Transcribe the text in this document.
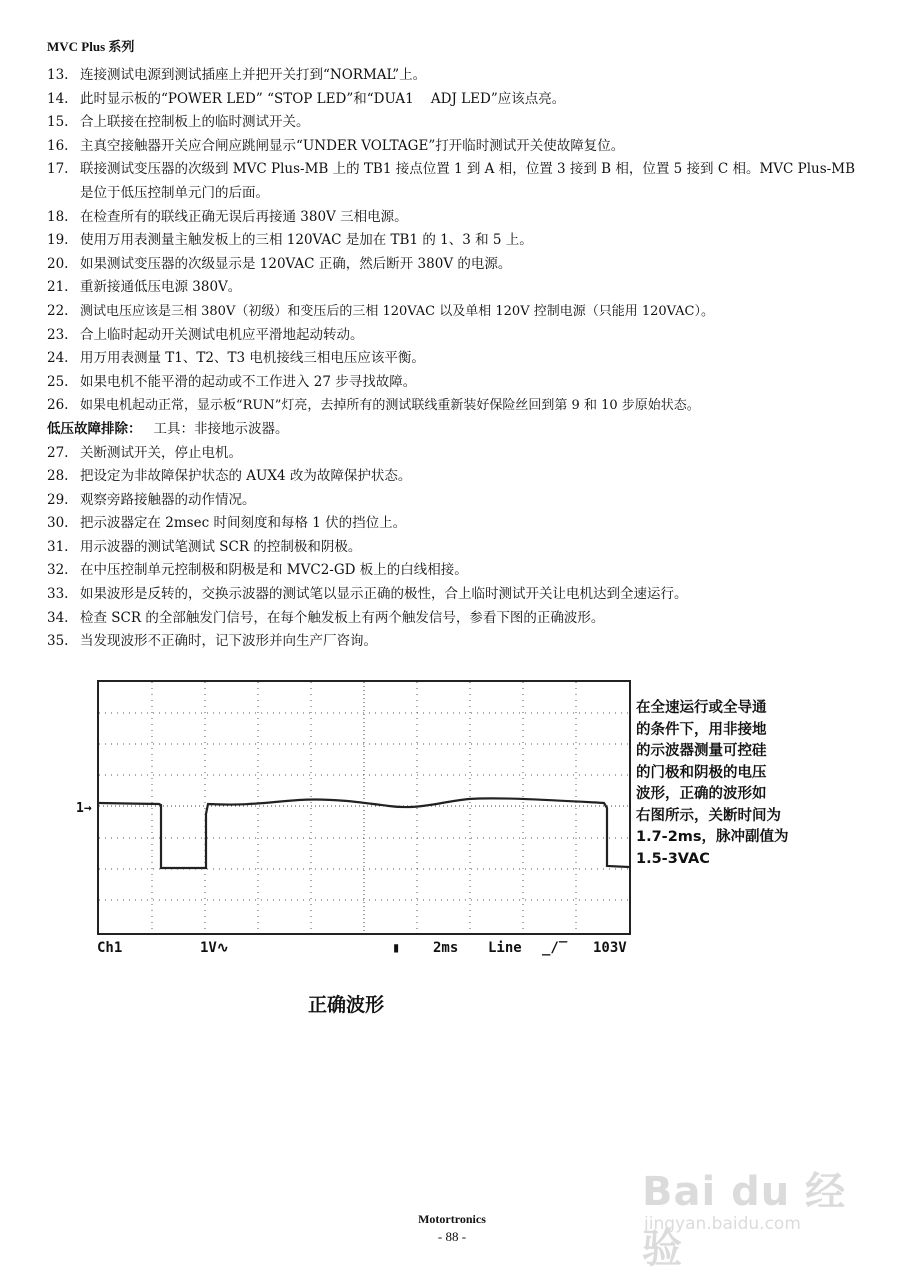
MVC Plus 系列
13. 连接测试电源到测试插座上并把开关打到“NORMAL”上。
14. 此时显示板的“POWER LED” “STOP LED”和“DUA1    ADJ LED”应该点亮。
15. 合上联接在控制板上的临时测试开关。
16. 主真空接触器开关应合闸应跳闸显示“UNDER VOLTAGE”打开临时测试开关使故障复位。
17. 联接测试变压器的次级到 MVC Plus-MB 上的 TB1 接点位置 1 到 A 相，位置 3 接到 B 相，位置 5 接到 C 相。MVC Plus-MB 是位于低压控制单元门的后面。
18. 在检查所有的联线正确无误后再接通 380V 三相电源。
19. 使用万用表测量主触发板上的三相 120VAC 是加在 TB1 的 1、3 和 5 上。
20. 如果测试变压器的次级显示是 120VAC 正确，然后断开 380V 的电源。
21. 重新接通低压电源 380V。
22. 测试电压应该是三相 380V（初级）和变压后的三相 120VAC 以及单相 120V 控制电源（只能用 120VAC）。
23. 合上临时起动开关测试电机应平滑地起动转动。
24. 用万用表测量 T1、T2、T3 电机接线三相电压应该平衡。
25. 如果电机不能平滑的起动或不工作进入 27 步寻找故障。
26. 如果电机起动正常，显示板“RUN”灯亮，去掉所有的测试联线重新装好保险丝回到第 9 和 10 步原始状态。
低压故障排除： 工具：非接地示波器。
27. 关断测试开关，停止电机。
28. 把设定为非故障保护状态的 AUX4 改为故障保护状态。
29. 观察旁路接触器的动作情况。
30. 把示波器定在 2msec 时间刻度和每格 1 伏的挡位上。
31. 用示波器的测试笔测试 SCR 的控制极和阴极。
32. 在中压控制单元控制极和阴极是和 MVC2-GD 板上的白线相接。
33. 如果波形是反转的，交换示波器的测试笔以显示正确的极性，合上临时测试开关让电机达到全速运行。
34. 检查 SCR 的全部触发门信号，在每个触发板上有两个触发信号，参看下图的正确波形。
35. 当发现波形不正确时，记下波形并向生产厂咨询。
1→
Ch1	1V∿	▮ 2ms Line _/‾ 103V
在全速运行或全导通
的条件下，用非接地
的示波器测量可控硅
的门极和阴极的电压
波形，正确的波形如
右图所示，关断时间为
1.7-2ms，脉冲副值为
1.5-3VAC
正确波形
Bai du 经验
jingyan.baidu.com
Motortronics
- 88 -
